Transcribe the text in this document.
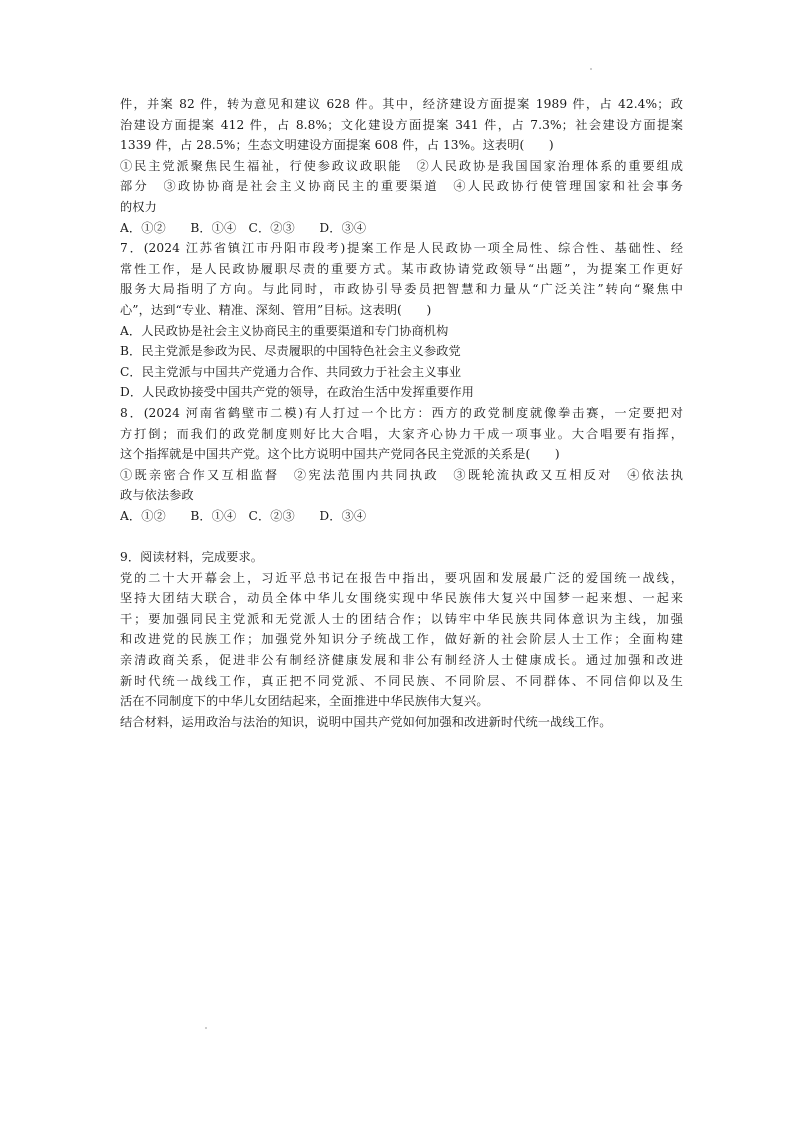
件，并案 82 件，转为意见和建议 628 件。其中，经济建设方面提案 1989 件，占 42.4%；政
治建设方面提案 412 件，占 8.8%；文化建设方面提案 341 件，占 7.3%；社会建设方面提案
1339 件，占 28.5%；生态文明建设方面提案 608 件，占 13%。这表明(　　)
①民主党派聚焦民生福祉，行使参政议政职能　②人民政协是我国国家治理体系的重要组成
部分　③政协协商是社会主义协商民主的重要渠道　④人民政协行使管理国家和社会事务
的权力
A．①②　　B．①④　C．②③　　D．③④
7．(2024 江苏省镇江市丹阳市段考)提案工作是人民政协一项全局性、综合性、基础性、经
常性工作，是人民政协履职尽责的重要方式。某市政协请党政领导“出题”，为提案工作更好
服务大局指明了方向。与此同时，市政协引导委员把智慧和力量从“广泛关注”转向“聚焦中
心”，达到“专业、精准、深刻、管用”目标。这表明(　　)
A．人民政协是社会主义协商民主的重要渠道和专门协商机构
B．民主党派是参政为民、尽责履职的中国特色社会主义参政党
C．民主党派与中国共产党通力合作、共同致力于社会主义事业
D．人民政协接受中国共产党的领导，在政治生活中发挥重要作用
8．(2024 河南省鹤壁市二模)有人打过一个比方：西方的政党制度就像拳击赛，一定要把对
方打倒；而我们的政党制度则好比大合唱，大家齐心协力干成一项事业。大合唱要有指挥，
这个指挥就是中国共产党。这个比方说明中国共产党同各民主党派的关系是(　　)
①既亲密合作又互相监督　②宪法范围内共同执政　③既轮流执政又互相反对　④依法执
政与依法参政
A．①②　　B．①④　C．②③　　D．③④
9．阅读材料，完成要求。
党的二十大开幕会上，习近平总书记在报告中指出，要巩固和发展最广泛的爱国统一战线，
坚持大团结大联合，动员全体中华儿女围绕实现中华民族伟大复兴中国梦一起来想、一起来
干；要加强同民主党派和无党派人士的团结合作；以铸牢中华民族共同体意识为主线，加强
和改进党的民族工作；加强党外知识分子统战工作，做好新的社会阶层人士工作；全面构建
亲清政商关系，促进非公有制经济健康发展和非公有制经济人士健康成长。通过加强和改进
新时代统一战线工作，真正把不同党派、不同民族、不同阶层、不同群体、不同信仰以及生
活在不同制度下的中华儿女团结起来，全面推进中华民族伟大复兴。
结合材料，运用政治与法治的知识，说明中国共产党如何加强和改进新时代统一战线工作。
